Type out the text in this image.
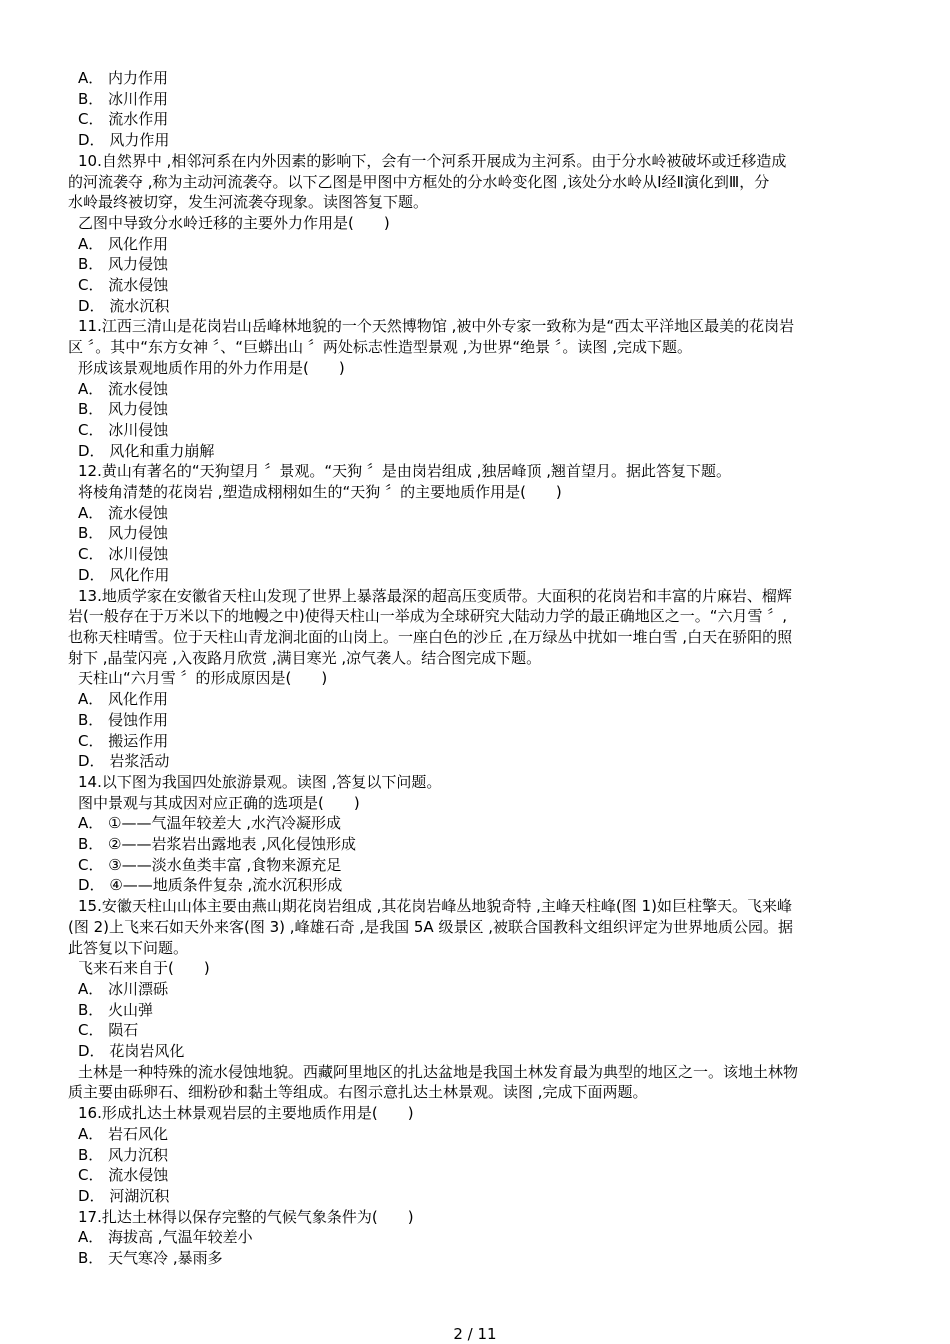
A． 内力作用
B． 冰川作用
C． 流水作用
D． 风力作用
10.自然界中 ,相邻河系在内外因素的影响下，会有一个河系开展成为主河系。由于分水岭被破坏或迁移造成
的河流袭夺 ,称为主动河流袭夺。以下乙图是甲图中方框处的分水岭变化图 ,该处分水岭从Ⅰ经Ⅱ演化到Ⅲ，分
水岭最终被切穿，发生河流袭夺现象。读图答复下题。
乙图中导致分水岭迁移的主要外力作用是(　　)
A． 风化作用
B． 风力侵蚀
C． 流水侵蚀
D． 流水沉积
11.江西三清山是花岗岩山岳峰林地貌的一个天然博物馆 ,被中外专家一致称为是“西太平洋地区最美的花岗岩
区 〞。其中“东方女神 〞、“巨蟒出山 〞两处标志性造型景观 ,为世界“绝景 〞。读图 ,完成下题。
形成该景观地质作用的外力作用是(　　)
A． 流水侵蚀
B． 风力侵蚀
C． 冰川侵蚀
D． 风化和重力崩解
12.黄山有著名的“天狗望月 〞景观。“天狗 〞是由岗岩组成 ,独居峰顶 ,翘首望月。据此答复下题。
将棱角清楚的花岗岩 ,塑造成栩栩如生的“天狗 〞的主要地质作用是(　　)
A． 流水侵蚀
B． 风力侵蚀
C． 冰川侵蚀
D． 风化作用
13.地质学家在安徽省天柱山发现了世界上暴落最深的超高压变质带。大面积的花岗岩和丰富的片麻岩、榴辉
岩(一般存在于万米以下的地幔之中)使得天柱山一举成为全球研究大陆动力学的最正确地区之一。“六月雪 〞,
也称天柱晴雪。位于天柱山青龙涧北面的山岗上。一座白色的沙丘 ,在万绿丛中扰如一堆白雪 ,白天在骄阳的照
射下 ,晶莹闪亮 ,入夜路月欣赏 ,满目寒光 ,凉气袭人。结合图完成下题。
天柱山“六月雪 〞的形成原因是(　　)
A． 风化作用
B． 侵蚀作用
C． 搬运作用
D． 岩浆活动
14.以下图为我国四处旅游景观。读图 ,答复以下问题。
图中景观与其成因对应正确的选项是(　　)
A． ①——气温年较差大 ,水汽冷凝形成
B． ②——岩浆岩出露地表 ,风化侵蚀形成
C． ③——淡水鱼类丰富 ,食物来源充足
D． ④——地质条件复杂 ,流水沉积形成
15.安徽天柱山山体主要由燕山期花岗岩组成 ,其花岗岩峰丛地貌奇特 ,主峰天柱峰(图 1)如巨柱擎天。飞来峰
(图 2)上飞来石如天外来客(图 3) ,峰雄石奇 ,是我国 5A 级景区 ,被联合国教科文组织评定为世界地质公园。据
此答复以下问题。
飞来石来自于(　　)
A． 冰川漂砾
B． 火山弹
C． 陨石
D． 花岗岩风化
土林是一种特殊的流水侵蚀地貌。西藏阿里地区的扎达盆地是我国土林发育最为典型的地区之一。该地土林物
质主要由砾卵石、细粉砂和黏土等组成。右图示意扎达土林景观。读图 ,完成下面两题。
16.形成扎达土林景观岩层的主要地质作用是(　　)
A． 岩石风化
B． 风力沉积
C． 流水侵蚀
D． 河湖沉积
17.扎达土林得以保存完整的气候气象条件为(　　)
A． 海拔高 ,气温年较差小
B． 天气寒冷 ,暴雨多
2 / 11
